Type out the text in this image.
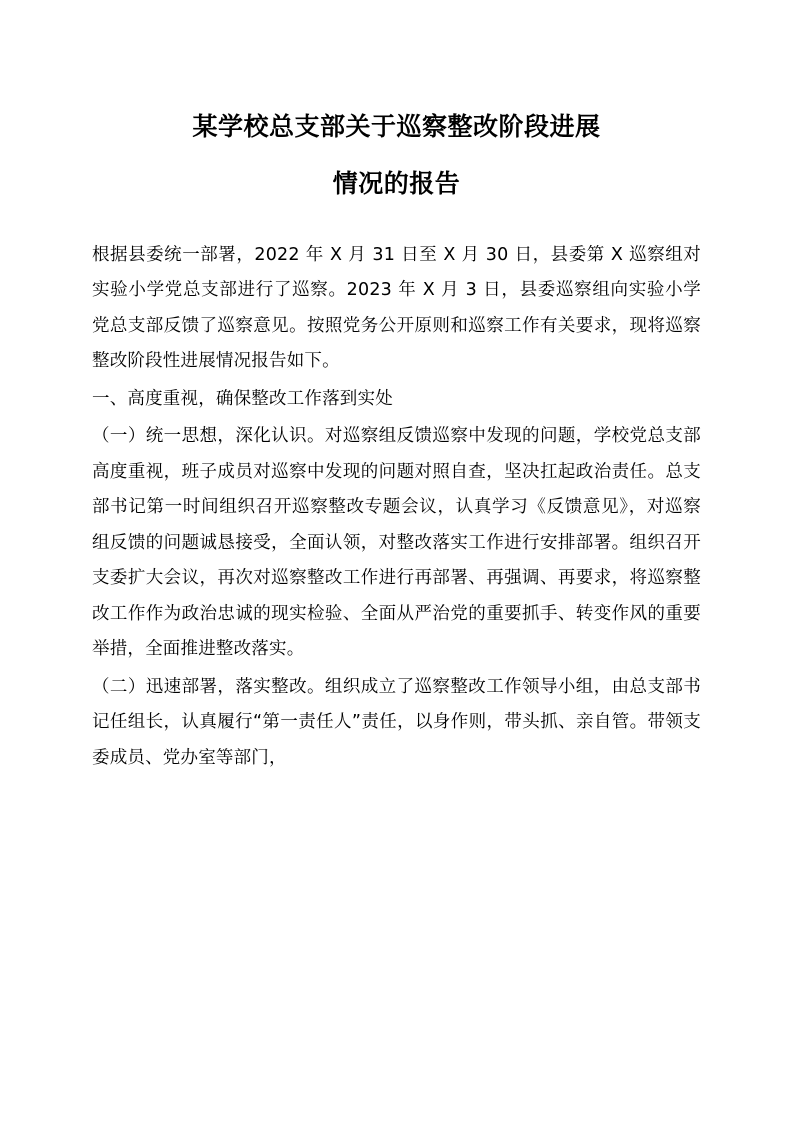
某学校总支部关于巡察整改阶段进展
情况的报告

根据县委统一部署，2022 年 X 月 31 日至 X 月 30 日，县委第 X 巡察组对实验小学党总支部进行了巡察。2023 年 X 月 3 日，县委巡察组向实验小学党总支部反馈了巡察意见。按照党务公开原则和巡察工作有关要求，现将巡察整改阶段性进展情况报告如下。

一、高度重视，确保整改工作落到实处

（一）统一思想，深化认识。对巡察组反馈巡察中发现的问题，学校党总支部高度重视，班子成员对巡察中发现的问题对照自查，坚决扛起政治责任。总支部书记第一时间组织召开巡察整改专题会议，认真学习《反馈意见》，对巡察组反馈的问题诚恳接受，全面认领，对整改落实工作进行安排部署。组织召开支委扩大会议，再次对巡察整改工作进行再部署、再强调、再要求，将巡察整改工作作为政治忠诚的现实检验、全面从严治党的重要抓手、转变作风的重要举措，全面推进整改落实。

（二）迅速部署，落实整改。组织成立了巡察整改工作领导小组，由总支部书记任组长，认真履行“第一责任人”责任，以身作则，带头抓、亲自管。带领支委成员、党办室等部门，
